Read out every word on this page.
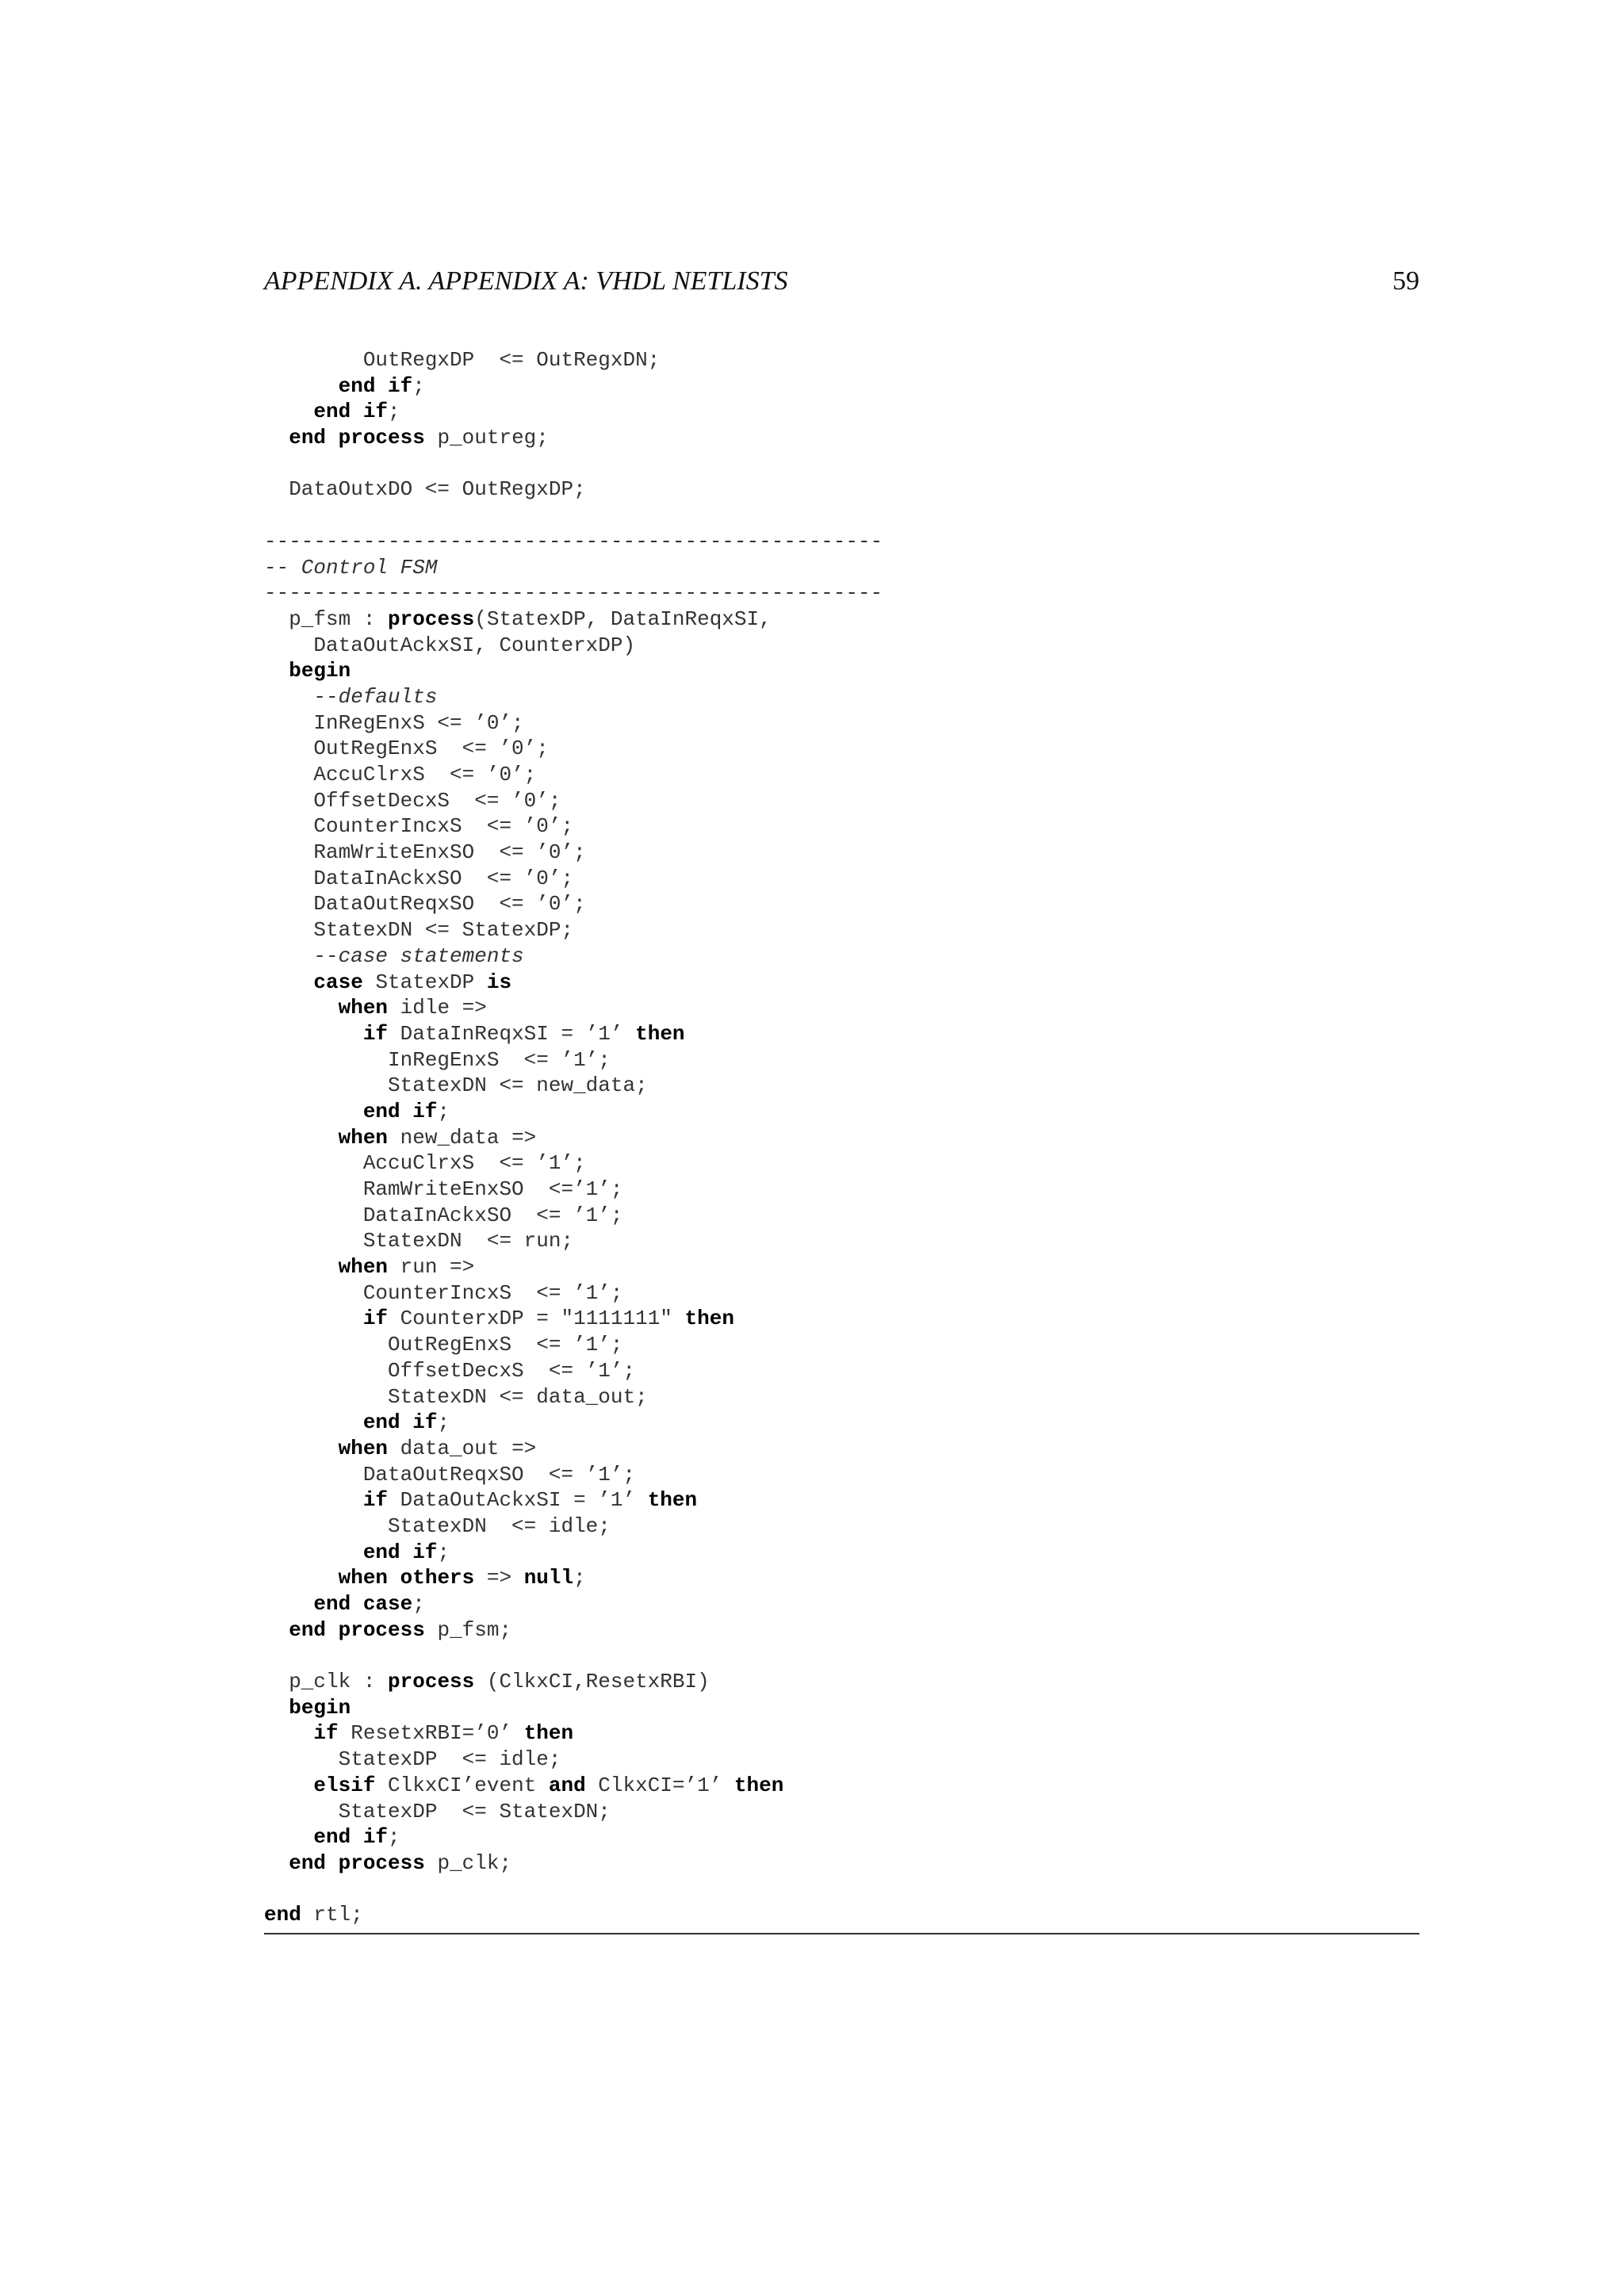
APPENDIX A. APPENDIX A: VHDL NETLISTS	59
OutRegxDP  <= OutRegxDN;
end if;
end if;
end process p_outreg;
DataOutxDO <= OutRegxDP;
--------------------------------------------------
-- Control FSM
--------------------------------------------------
p_fsm : process(StatexDP, DataInReqxSI,
DataOutAckxSI, CounterxDP)
begin
--defaults
InRegEnxS <= ’0’;
OutRegEnxS  <= ’0’;
AccuClrxS  <= ’0’;
OffsetDecxS  <= ’0’;
CounterIncxS  <= ’0’;
RamWriteEnxSO  <= ’0’;
DataInAckxSO  <= ’0’;
DataOutReqxSO  <= ’0’;
StatexDN <= StatexDP;
--case statements
case StatexDP is
when idle =>
if DataInReqxSI = ’1’ then
InRegEnxS  <= ’1’;
StatexDN <= new_data;
end if;
when new_data =>
AccuClrxS  <= ’1’;
RamWriteEnxSO  <=’1’;
DataInAckxSO  <= ’1’;
StatexDN  <= run;
when run =>
CounterIncxS  <= ’1’;
if CounterxDP = "1111111" then
OutRegEnxS  <= ’1’;
OffsetDecxS  <= ’1’;
StatexDN <= data_out;
end if;
when data_out =>
DataOutReqxSO  <= ’1’;
if DataOutAckxSI = ’1’ then
StatexDN  <= idle;
end if;
when others => null;
end case;
end process p_fsm;
p_clk : process (ClkxCI,ResetxRBI)
begin
if ResetxRBI=’0’ then
StatexDP  <= idle;
elsif ClkxCI’event and ClkxCI=’1’ then
StatexDP  <= StatexDN;
end if;
end process p_clk;
end rtl;
